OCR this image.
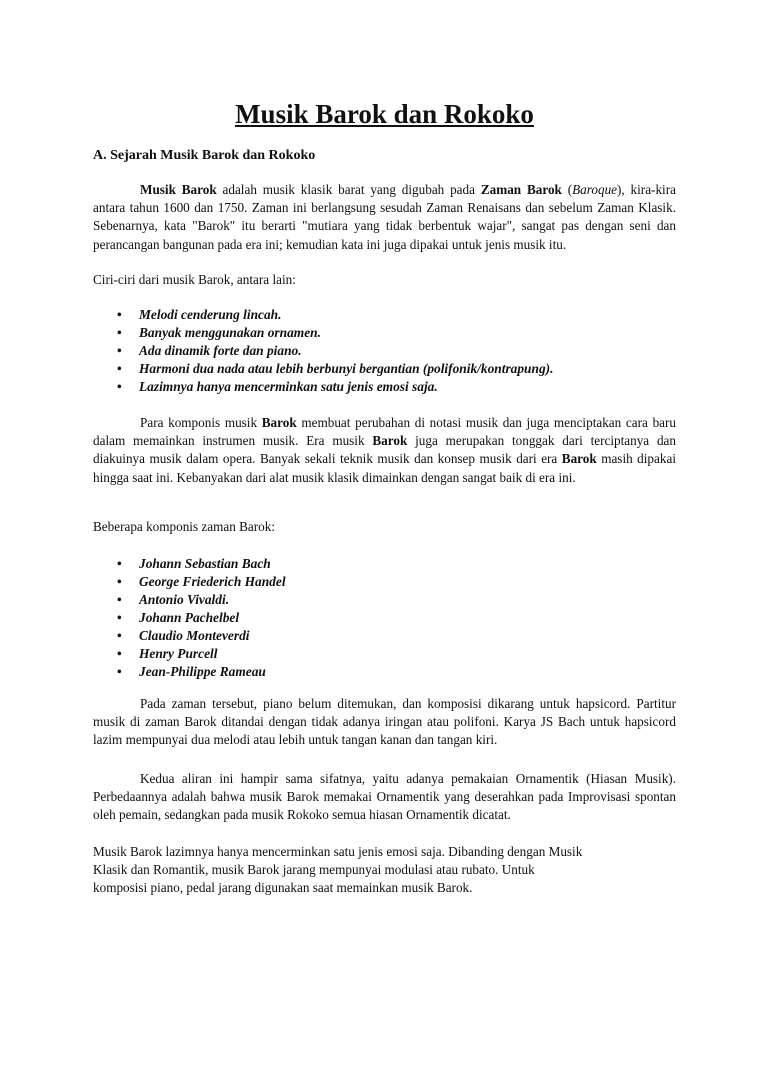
Musik Barok dan Rokoko
A. Sejarah Musik Barok dan Rokoko

Musik Barok adalah musik klasik barat yang digubah pada Zaman Barok (Baroque), kira-kira antara tahun 1600 dan 1750. Zaman ini berlangsung sesudah Zaman Renaisans dan sebelum Zaman Klasik. Sebenarnya, kata "Barok" itu berarti "mutiara yang tidak berbentuk wajar", sangat pas dengan seni dan perancangan bangunan pada era ini; kemudian kata ini juga dipakai untuk jenis musik itu.

Ciri-ciri dari musik Barok, antara lain:

• Melodi cenderung lincah.
• Banyak menggunakan ornamen.
• Ada dinamik forte dan piano.
• Harmoni dua nada atau lebih berbunyi bergantian (polifonik/kontrapung).
• Lazimnya hanya mencerminkan satu jenis emosi saja.

Para komponis musik Barok membuat perubahan di notasi musik dan juga menciptakan cara baru dalam memainkan instrumen musik. Era musik Barok juga merupakan tonggak dari terciptanya dan diakuinya musik dalam opera. Banyak sekali teknik musik dan konsep musik dari era Barok masih dipakai hingga saat ini. Kebanyakan dari alat musik klasik dimainkan dengan sangat baik di era ini.

Beberapa komponis zaman Barok:

• Johann Sebastian Bach
• George Friederich Handel
• Antonio Vivaldi.
• Johann Pachelbel
• Claudio Monteverdi
• Henry Purcell
• Jean-Philippe Rameau

Pada zaman tersebut, piano belum ditemukan, dan komposisi dikarang untuk hapsicord. Partitur musik di zaman Barok ditandai dengan tidak adanya iringan atau polifoni. Karya JS Bach untuk hapsicord lazim mempunyai dua melodi atau lebih untuk tangan kanan dan tangan kiri.

Kedua aliran ini hampir sama sifatnya, yaitu adanya pemakaian Ornamentik (Hiasan Musik). Perbedaannya adalah bahwa musik Barok memakai Ornamentik yang deserahkan pada Improvisasi spontan oleh pemain, sedangkan pada musik Rokoko semua hiasan Ornamentik dicatat.

Musik Barok lazimnya hanya mencerminkan satu jenis emosi saja. Dibanding dengan Musik

Klasik dan Romantik, musik Barok jarang mempunyai modulasi atau rubato. Untuk

komposisi piano, pedal jarang digunakan saat memainkan musik Barok.
